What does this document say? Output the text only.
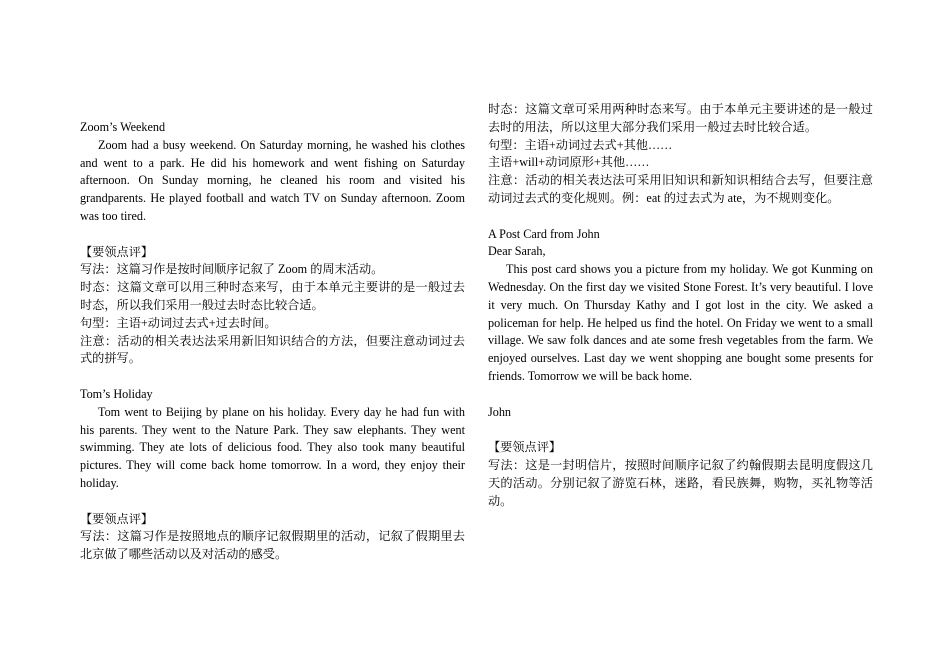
Zoom’s Weekend

Zoom had a busy weekend. On Saturday morning, he washed his clothes and went to a park. He did his homework and went fishing on Saturday afternoon. On Sunday morning, he cleaned his room and visited his grandparents. He played football and watch TV on Sunday afternoon. Zoom was too tired.

【要领点评】

写法：这篇习作是按时间顺序记叙了 Zoom 的周末活动。

时态：这篇文章可以用三种时态来写，由于本单元主要讲的是一般过去时态，所以我们采用一般过去时态比较合适。

句型：主语+动词过去式+过去时间。

注意：活动的相关表达法采用新旧知识结合的方法，但要注意动词过去式的拼写。

Tom’s Holiday

Tom went to Beijing by plane on his holiday. Every day he had fun with his parents. They went to the Nature Park. They saw elephants. They went swimming. They ate lots of delicious food. They also took many beautiful pictures. They will come back home tomorrow. In a word, they enjoy their holiday.

【要领点评】

写法：这篇习作是按照地点的顺序记叙假期里的活动，记叙了假期里去北京做了哪些活动以及对活动的感受。

时态：这篇文章可采用两种时态来写。由于本单元主要讲述的是一般过去时的用法，所以这里大部分我们采用一般过去时比较合适。

句型：主语+动词过去式+其他……

主语+will+动词原形+其他……

注意：活动的相关表达法可采用旧知识和新知识相结合去写，但要注意动词过去式的变化规则。例：eat 的过去式为 ate，为不规则变化。

A Post Card from John

Dear Sarah,

This post card shows you a picture from my holiday. We got Kunming on Wednesday. On the first day we visited Stone Forest. It’s very beautiful. I love it very much. On Thursday Kathy and I got lost in the city. We asked a policeman for help. He helped us find the hotel. On Friday we went to a small village. We saw folk dances and ate some fresh vegetables from the farm. We enjoyed ourselves. Last day we went shopping ane bought some presents for friends. Tomorrow we will be back home.

John

【要领点评】

写法：这是一封明信片，按照时间顺序记叙了约翰假期去昆明度假这几天的活动。分别记叙了游览石林，迷路，看民族舞，购物，买礼物等活动。
